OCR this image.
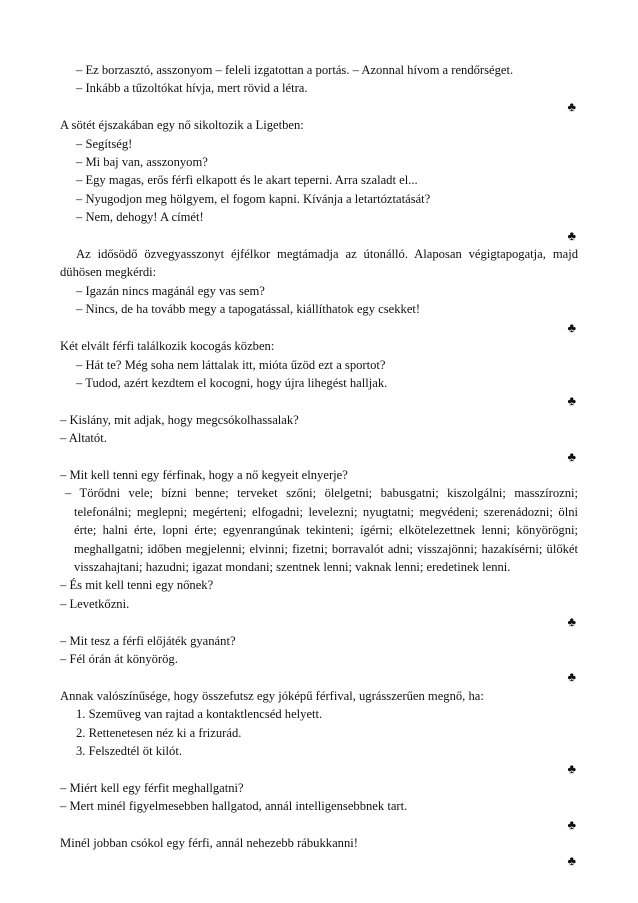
– Ez borzasztó, asszonyom – feleli izgatottan a portás. – Azonnal hívom a rendőrséget.
– Inkább a tűzoltókat hívja, mert rövid a létra.
♣
A sötét éjszakában egy nő sikoltozik a Ligetben:
– Segítség!
– Mi baj van, asszonyom?
– Egy magas, erős férfi elkapott és le akart teperni. Arra szaladt el...
– Nyugodjon meg hölgyem, el fogom kapni. Kívánja a letartóztatását?
– Nem, dehogy! A címét!
♣
Az idősödő özvegyasszonyt éjfélkor megtámadja az útonálló. Alaposan végigtapogatja, majd dühösen megkérdi:
– Igazán nincs magánál egy vas sem?
– Nincs, de ha tovább megy a tapogatással, kiállíthatok egy csekket!
♣
Két elvált férfi találkozik kocogás közben:
– Hát te? Még soha nem láttalak itt, mióta űzöd ezt a sportot?
– Tudod, azért kezdtem el kocogni, hogy újra lihegést halljak.
♣
– Kislány, mit adjak, hogy megcsókolhassalak?
– Altatót.
♣
– Mit kell tenni egy férfinak, hogy a nő kegyeit elnyerje?
– Törődni vele; bízni benne; terveket szőni; ölelgetni; babusgatni; kiszolgálni; masszírozni; telefonálni; meglepni; megérteni; elfogadni; levelezni; nyugtatni; megvédeni; szerenádozni; ölni érte; halni érte, lopni érte; egyenrangúnak tekinteni; ígérni; elkötelezettnek lenni; könyörögni; meghallgatni; időben megjelenni; elvinni; fizetni; borravalót adni; visszajönni; hazakísérni; ülőkét visszahajtani; hazudni; igazat mondani; szentnek lenni; vaknak lenni; eredetinek lenni.
– És mit kell tenni egy nőnek?
– Levetkőzni.
♣
– Mit tesz a férfi előjáték gyanánt?
– Fél órán át könyörög.
♣
Annak valószínűsége, hogy összefutsz egy jóképű férfival, ugrásszerűen megnő, ha:
1. Szemüveg van rajtad a kontaktlencséd helyett.
2. Rettenetesen néz ki a frizurád.
3. Felszedtél öt kilót.
♣
– Miért kell egy férfit meghallgatni?
– Mert minél figyelmesebben hallgatod, annál intelligensebbnek tart.
♣
Minél jobban csókol egy férfi, annál nehezebb rábukkanni!
♣
